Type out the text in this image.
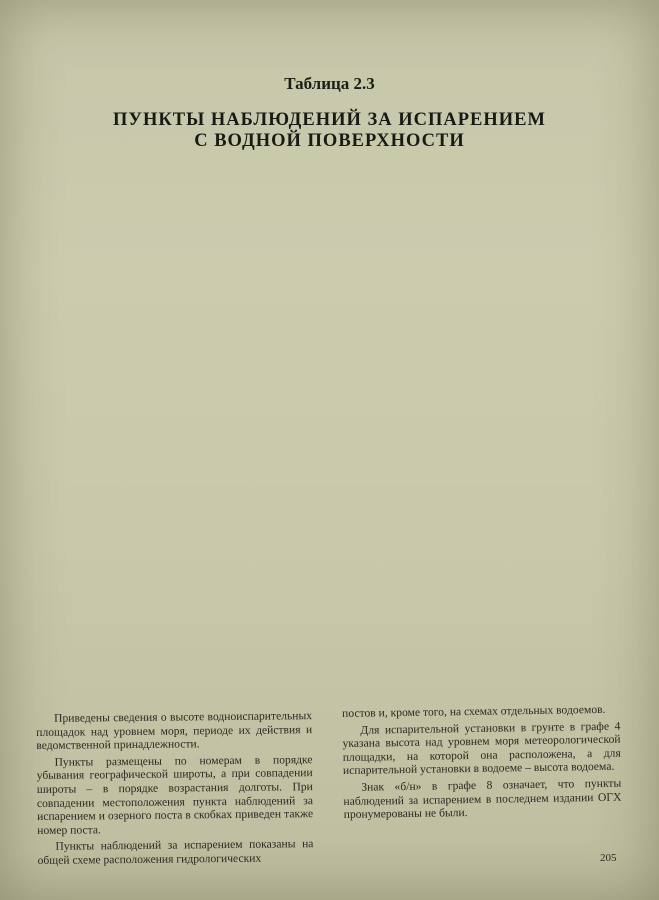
Таблица 2.3
ПУНКТЫ НАБЛЮДЕНИЙ ЗА ИСПАРЕНИЕМ
С ВОДНОЙ ПОВЕРХНОСТИ

Приведены сведения о высоте водноиспарительных площадок над уровнем моря, периоде их действия и ведомственной принадлежности.

Пункты размещены по номерам в порядке убывания географической широты, а при совпадении широты – в порядке возрастания долготы. При совпадении местоположения пункта наблюдений за испарением и озерного поста в скобках приведен также номер поста.

Пункты наблюдений за испарением показаны на общей схеме расположения гидрологических

постов и, кроме того, на схемах отдельных водоемов.

Для испарительной установки в грунте в графе 4 указана высота над уровнем моря метеорологической площадки, на которой она расположена, а для испарительной установки в водоеме – высота водоема.

Знак «б/н» в графе 8 означает, что пункты наблюдений за испарением в последнем издании ОГХ пронумерованы не были.

205
